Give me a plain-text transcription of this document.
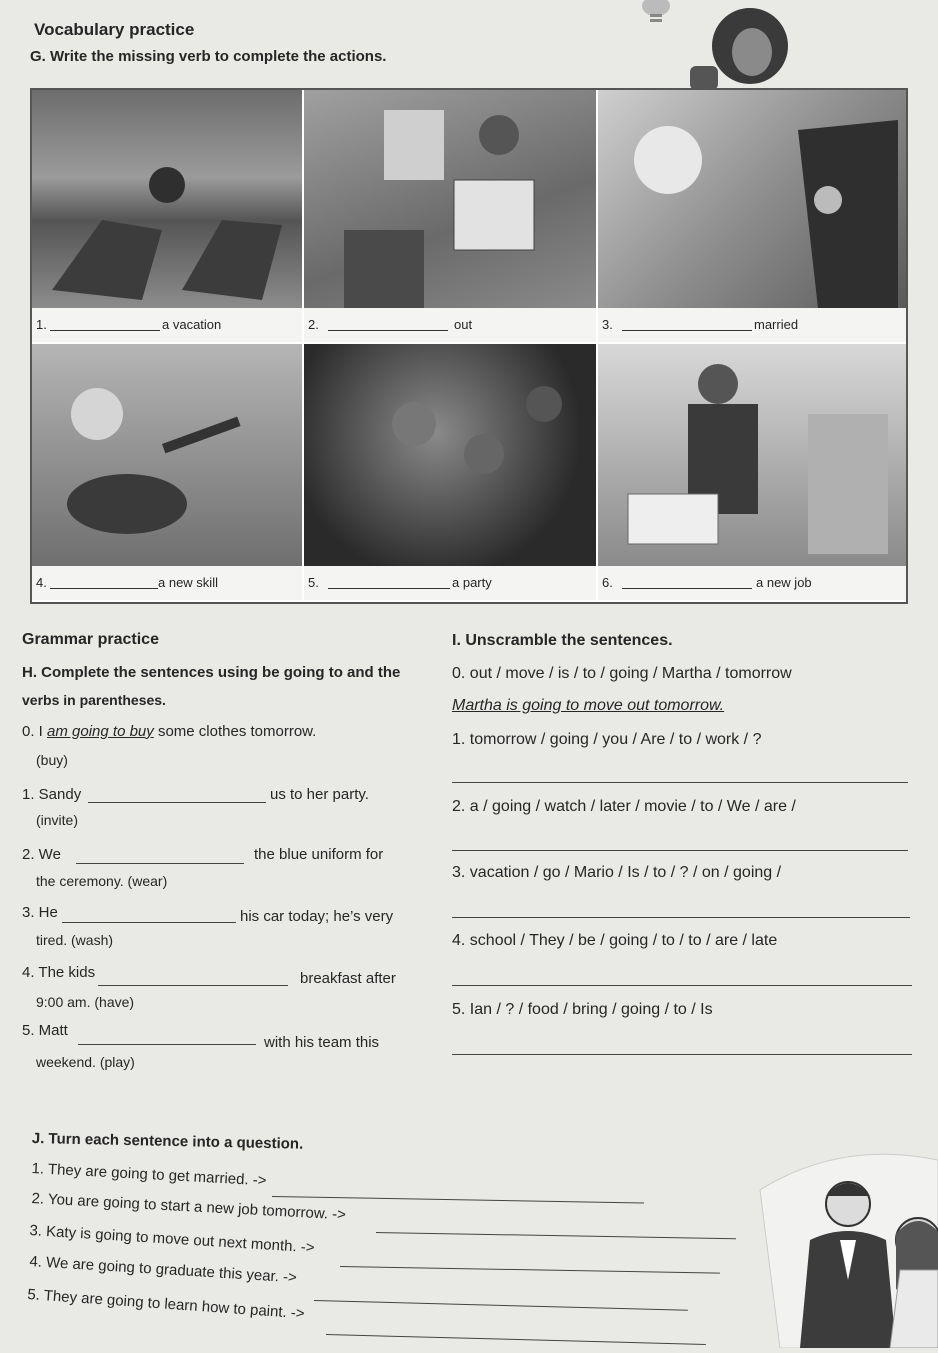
Vocabulary practice
G. Write the missing verb to complete the actions.
1.	a vacation	2.	out	3.	married
4.	a new skill	5.	a party	6.	a new job
Grammar practice
H. Complete the sentences using be going to and the
verbs in parentheses.
0. I am going to buy some clothes tomorrow.
(buy)
1. Sandy	us to her party.
(invite)
2. We	the blue uniform for
the ceremony. (wear)
3. He	his car today; he’s very
tired. (wash)
4. The kids	breakfast after
9:00 am. (have)
5. Matt
with his team this
weekend. (play)
I. Unscramble the sentences.
0. out / move / is / to / going / Martha / tomorrow
Martha is going to move out tomorrow.
1. tomorrow / going / you / Are / to / work / ?
2. a / going / watch / later / movie / to / We / are /
3. vacation / go / Mario / Is / to / ? / on / going /
4. school / They / be / going / to / to / are / late
5. Ian / ? / food / bring / going / to / Is
J. Turn each sentence into a question.
1. They are going to get married. ->
2. You are going to start a new job tomorrow. ->
3. Katy is going to move out next month. ->
4. We are going to graduate this year. ->
5. They are going to learn how to paint. ->
